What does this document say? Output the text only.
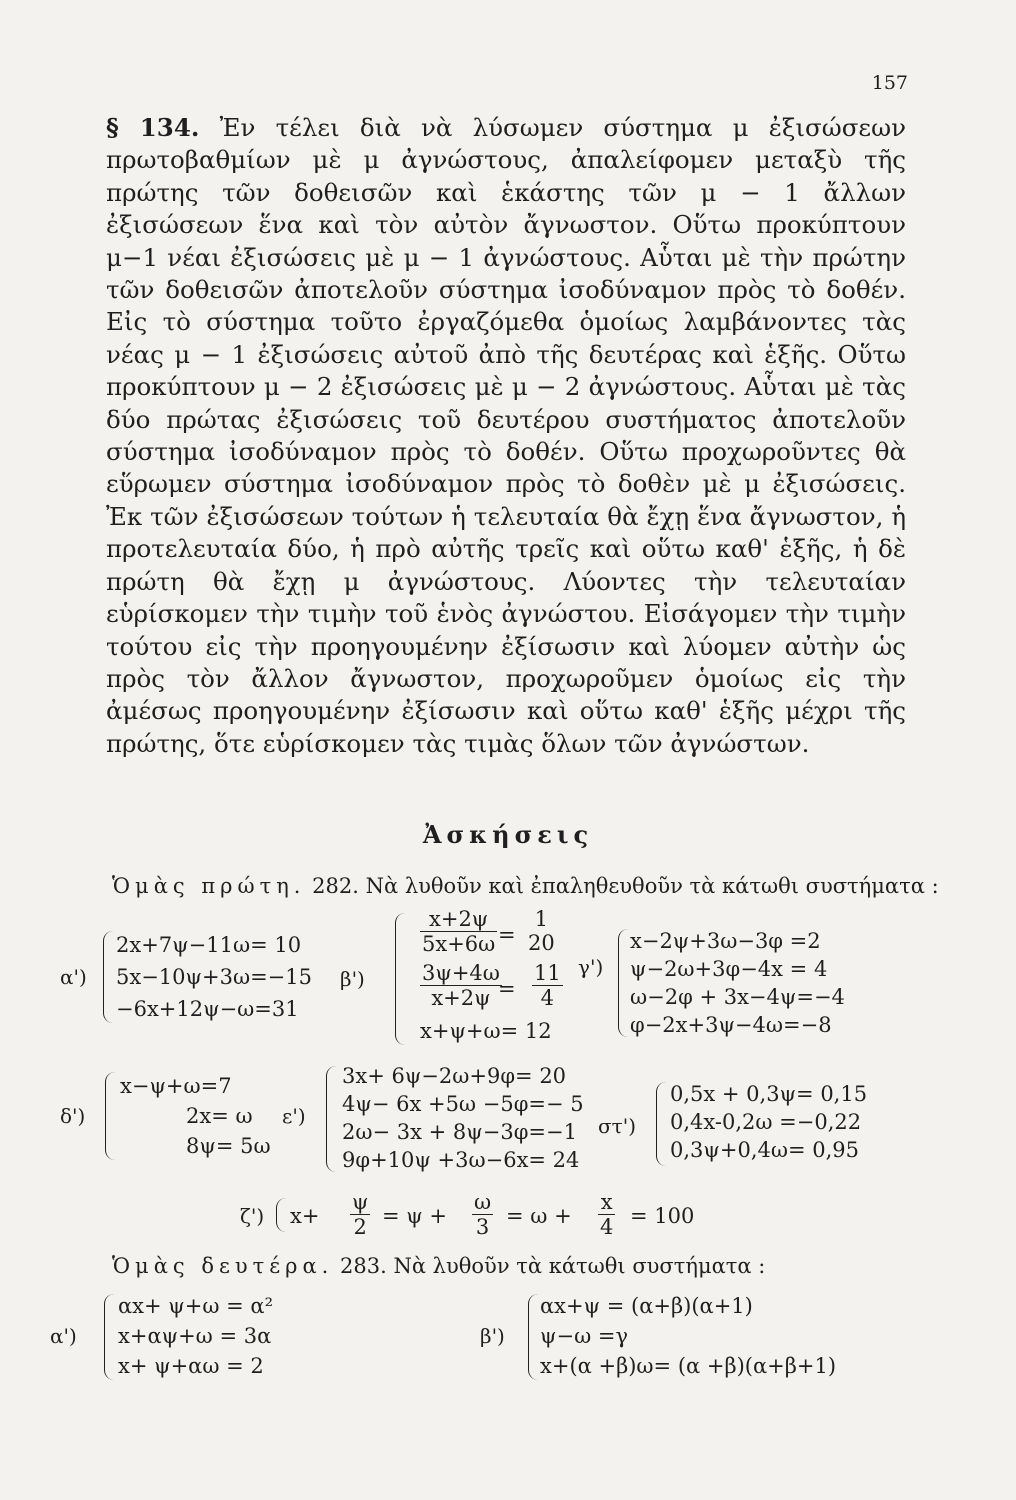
157
§ 134. Ἐν τέλει διὰ νὰ λύσωμεν σύστημα μ ἐξισώσεων πρωτοβαθμίων μὲ μ ἀγνώστους, ἀπαλείφομεν μεταξὺ τῆς πρώτης τῶν δοθεισῶν καὶ ἑκάστης τῶν μ − 1 ἄλλων ἐξισώσεων ἕνα καὶ τὸν αὐτὸν ἄγνωστον. Οὕτω προκύπτουν μ−1 νέαι ἐξισώσεις μὲ μ − 1 ἀγνώστους. Αὗται μὲ τὴν πρώτην τῶν δοθεισῶν ἀποτελοῦν σύστημα ἰσοδύναμον πρὸς τὸ δοθέν. Εἰς τὸ σύστημα τοῦτο ἐργαζόμεθα ὁμοίως λαμβάνοντες τὰς νέας μ − 1 ἐξισώσεις αὐτοῦ ἀπὸ τῆς δευτέρας καὶ ἑξῆς. Οὕτω προκύπτουν μ − 2 ἐξισώσεις μὲ μ − 2 ἀγνώστους. Αὗται μὲ τὰς δύο πρώτας ἐξισώσεις τοῦ δευτέρου συστήματος ἀποτελοῦν σύστημα ἰσοδύναμον πρὸς τὸ δοθέν. Οὕτω προχωροῦντες θὰ εὕρωμεν σύστημα ἰσοδύναμον πρὸς τὸ δοθὲν μὲ μ ἐξισώσεις. Ἐκ τῶν ἐξισώσεων τούτων ἡ τελευταία θὰ ἔχῃ ἕνα ἄγνωστον, ἡ προτελευταία δύο, ἡ πρὸ αὐτῆς τρεῖς καὶ οὕτω καθ' ἑξῆς, ἡ δὲ πρώτη θὰ ἔχῃ μ ἀγνώστους. Λύοντες τὴν τελευταίαν εὑρίσκομεν τὴν τιμὴν τοῦ ἑνὸς ἀγνώστου. Εἰσάγομεν τὴν τιμὴν τούτου εἰς τὴν προηγουμένην ἐξίσωσιν καὶ λύομεν αὐτὴν ὡς πρὸς τὸν ἄλλον ἄγνωστον, προχωροῦμεν ὁμοίως εἰς τὴν ἀμέσως προηγουμένην ἐξίσωσιν καὶ οὕτω καθ' ἑξῆς μέχρι τῆς πρώτης, ὅτε εὑρίσκομεν τὰς τιμὰς ὅλων τῶν ἀγνώστων.
Ἀσκήσεις
Ὁμὰς πρώτη. 282. Νὰ λυθοῦν καὶ ἐπαληθευθοῦν τὰ κάτωθι συστήματα :
α')
2x+7ψ−11ω= 10
5x−10ψ+3ω=−15
−6x+12ψ−ω=31
β')
$\frac{x+2\psi}{5x+6\omega}$ =
1
20
$\frac{3\psi+4\omega}{x+2\psi}$
= $\frac{11}{4}$
x+ψ+ω= 12
γ')
x−2ψ+3ω−3φ =2
ψ−2ω+3φ−4x = 4
ω−2φ + 3x−4ψ=−4
φ−2x+3ψ−4ω=−8
δ')
x−ψ+ω=7
2x= ω
8ψ= 5ω
ε')
3x+ 6ψ−2ω+9φ= 20
4ψ− 6x +5ω −5φ=− 5
2ω− 3x + 8ψ−3φ=−1
9φ+10ψ +3ω−6x= 24
στ')
0,5x + 0,3ψ= 0,15
0,4x-0,2ω =−0,22
0,3ψ+0,4ω= 0,95
ζ') $x+ \frac{\psi}{2} = \psi + \frac{\omega}{3} = \omega + \frac{x}{4} = 100$
Ὁμὰς δευτέρα. 283. Νὰ λυθοῦν τὰ κάτωθι συστήματα :
α')
αx+ ψ+ω = α²
x+αψ+ω = 3α
x+ ψ+αω = 2
β')
αx+ψ = (α+β)(α+1)
ψ−ω =γ
x+(α +β)ω= (α +β)(α+β+1)
